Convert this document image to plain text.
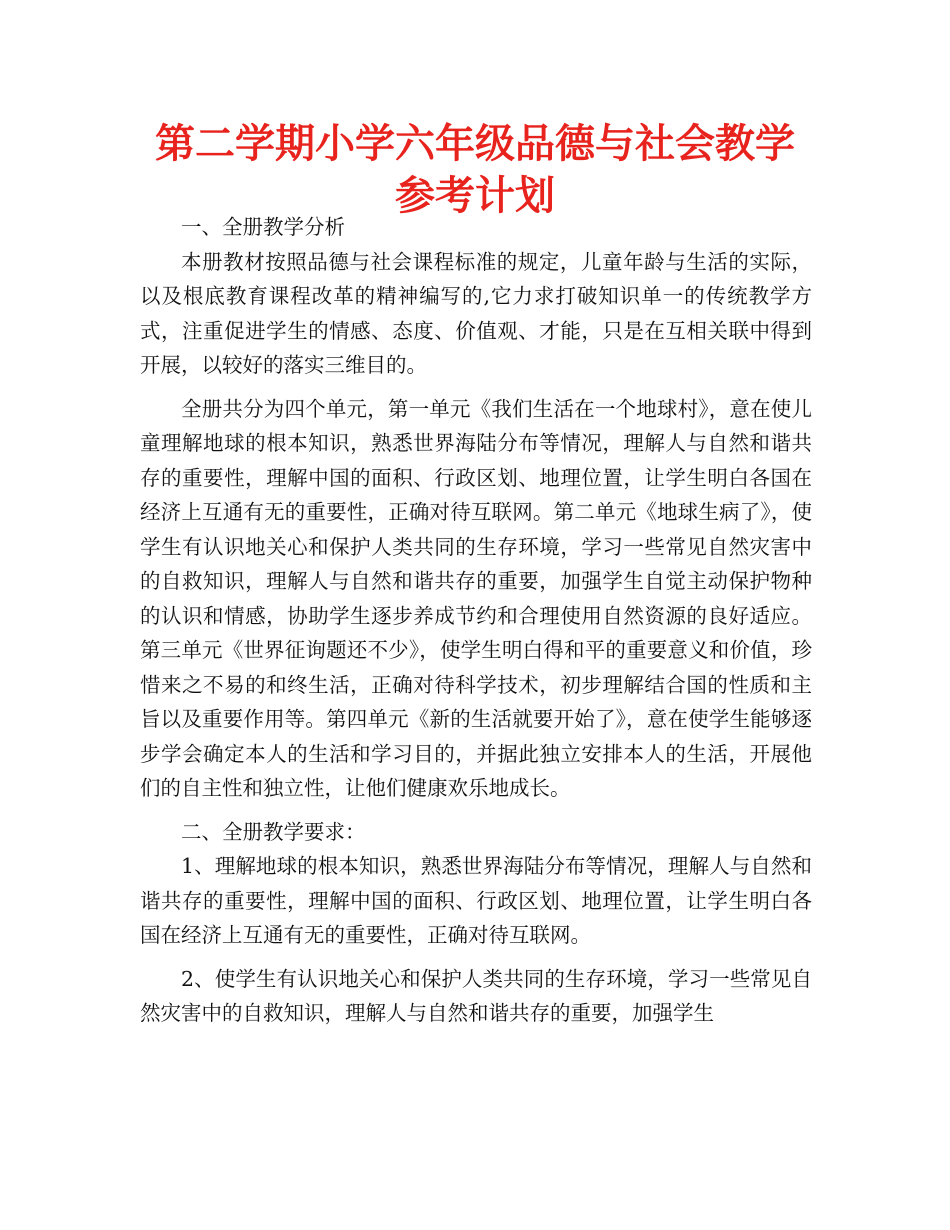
第二学期小学六年级品德与社会教学参考计划

一、全册教学分析

本册教材按照品德与社会课程标准的规定，儿童年龄与生活的实际，以及根底教育课程改革的精神编写的,它力求打破知识单一的传统教学方式，注重促进学生的情感、态度、价值观、才能，只是在互相关联中得到开展，以较好的落实三维目的。

全册共分为四个单元，第一单元《我们生活在一个地球村》，意在使儿童理解地球的根本知识，熟悉世界海陆分布等情况，理解人与自然和谐共存的重要性，理解中国的面积、行政区划、地理位置，让学生明白各国在经济上互通有无的重要性，正确对待互联网。第二单元《地球生病了》，使学生有认识地关心和保护人类共同的生存环境，学习一些常见自然灾害中的自救知识，理解人与自然和谐共存的重要，加强学生自觉主动保护物种的认识和情感，协助学生逐步养成节约和合理使用自然资源的良好适应。第三单元《世界征询题还不少》，使学生明白得和平的重要意义和价值，珍惜来之不易的和终生活，正确对待科学技术，初步理解结合国的性质和主旨以及重要作用等。第四单元《新的生活就要开始了》，意在使学生能够逐步学会确定本人的生活和学习目的，并据此独立安排本人的生活，开展他们的自主性和独立性，让他们健康欢乐地成长。

二、全册教学要求：

1、理解地球的根本知识，熟悉世界海陆分布等情况，理解人与自然和谐共存的重要性，理解中国的面积、行政区划、地理位置，让学生明白各国在经济上互通有无的重要性，正确对待互联网。

2、使学生有认识地关心和保护人类共同的生存环境，学习一些常见自然灾害中的自救知识，理解人与自然和谐共存的重要，加强学生
